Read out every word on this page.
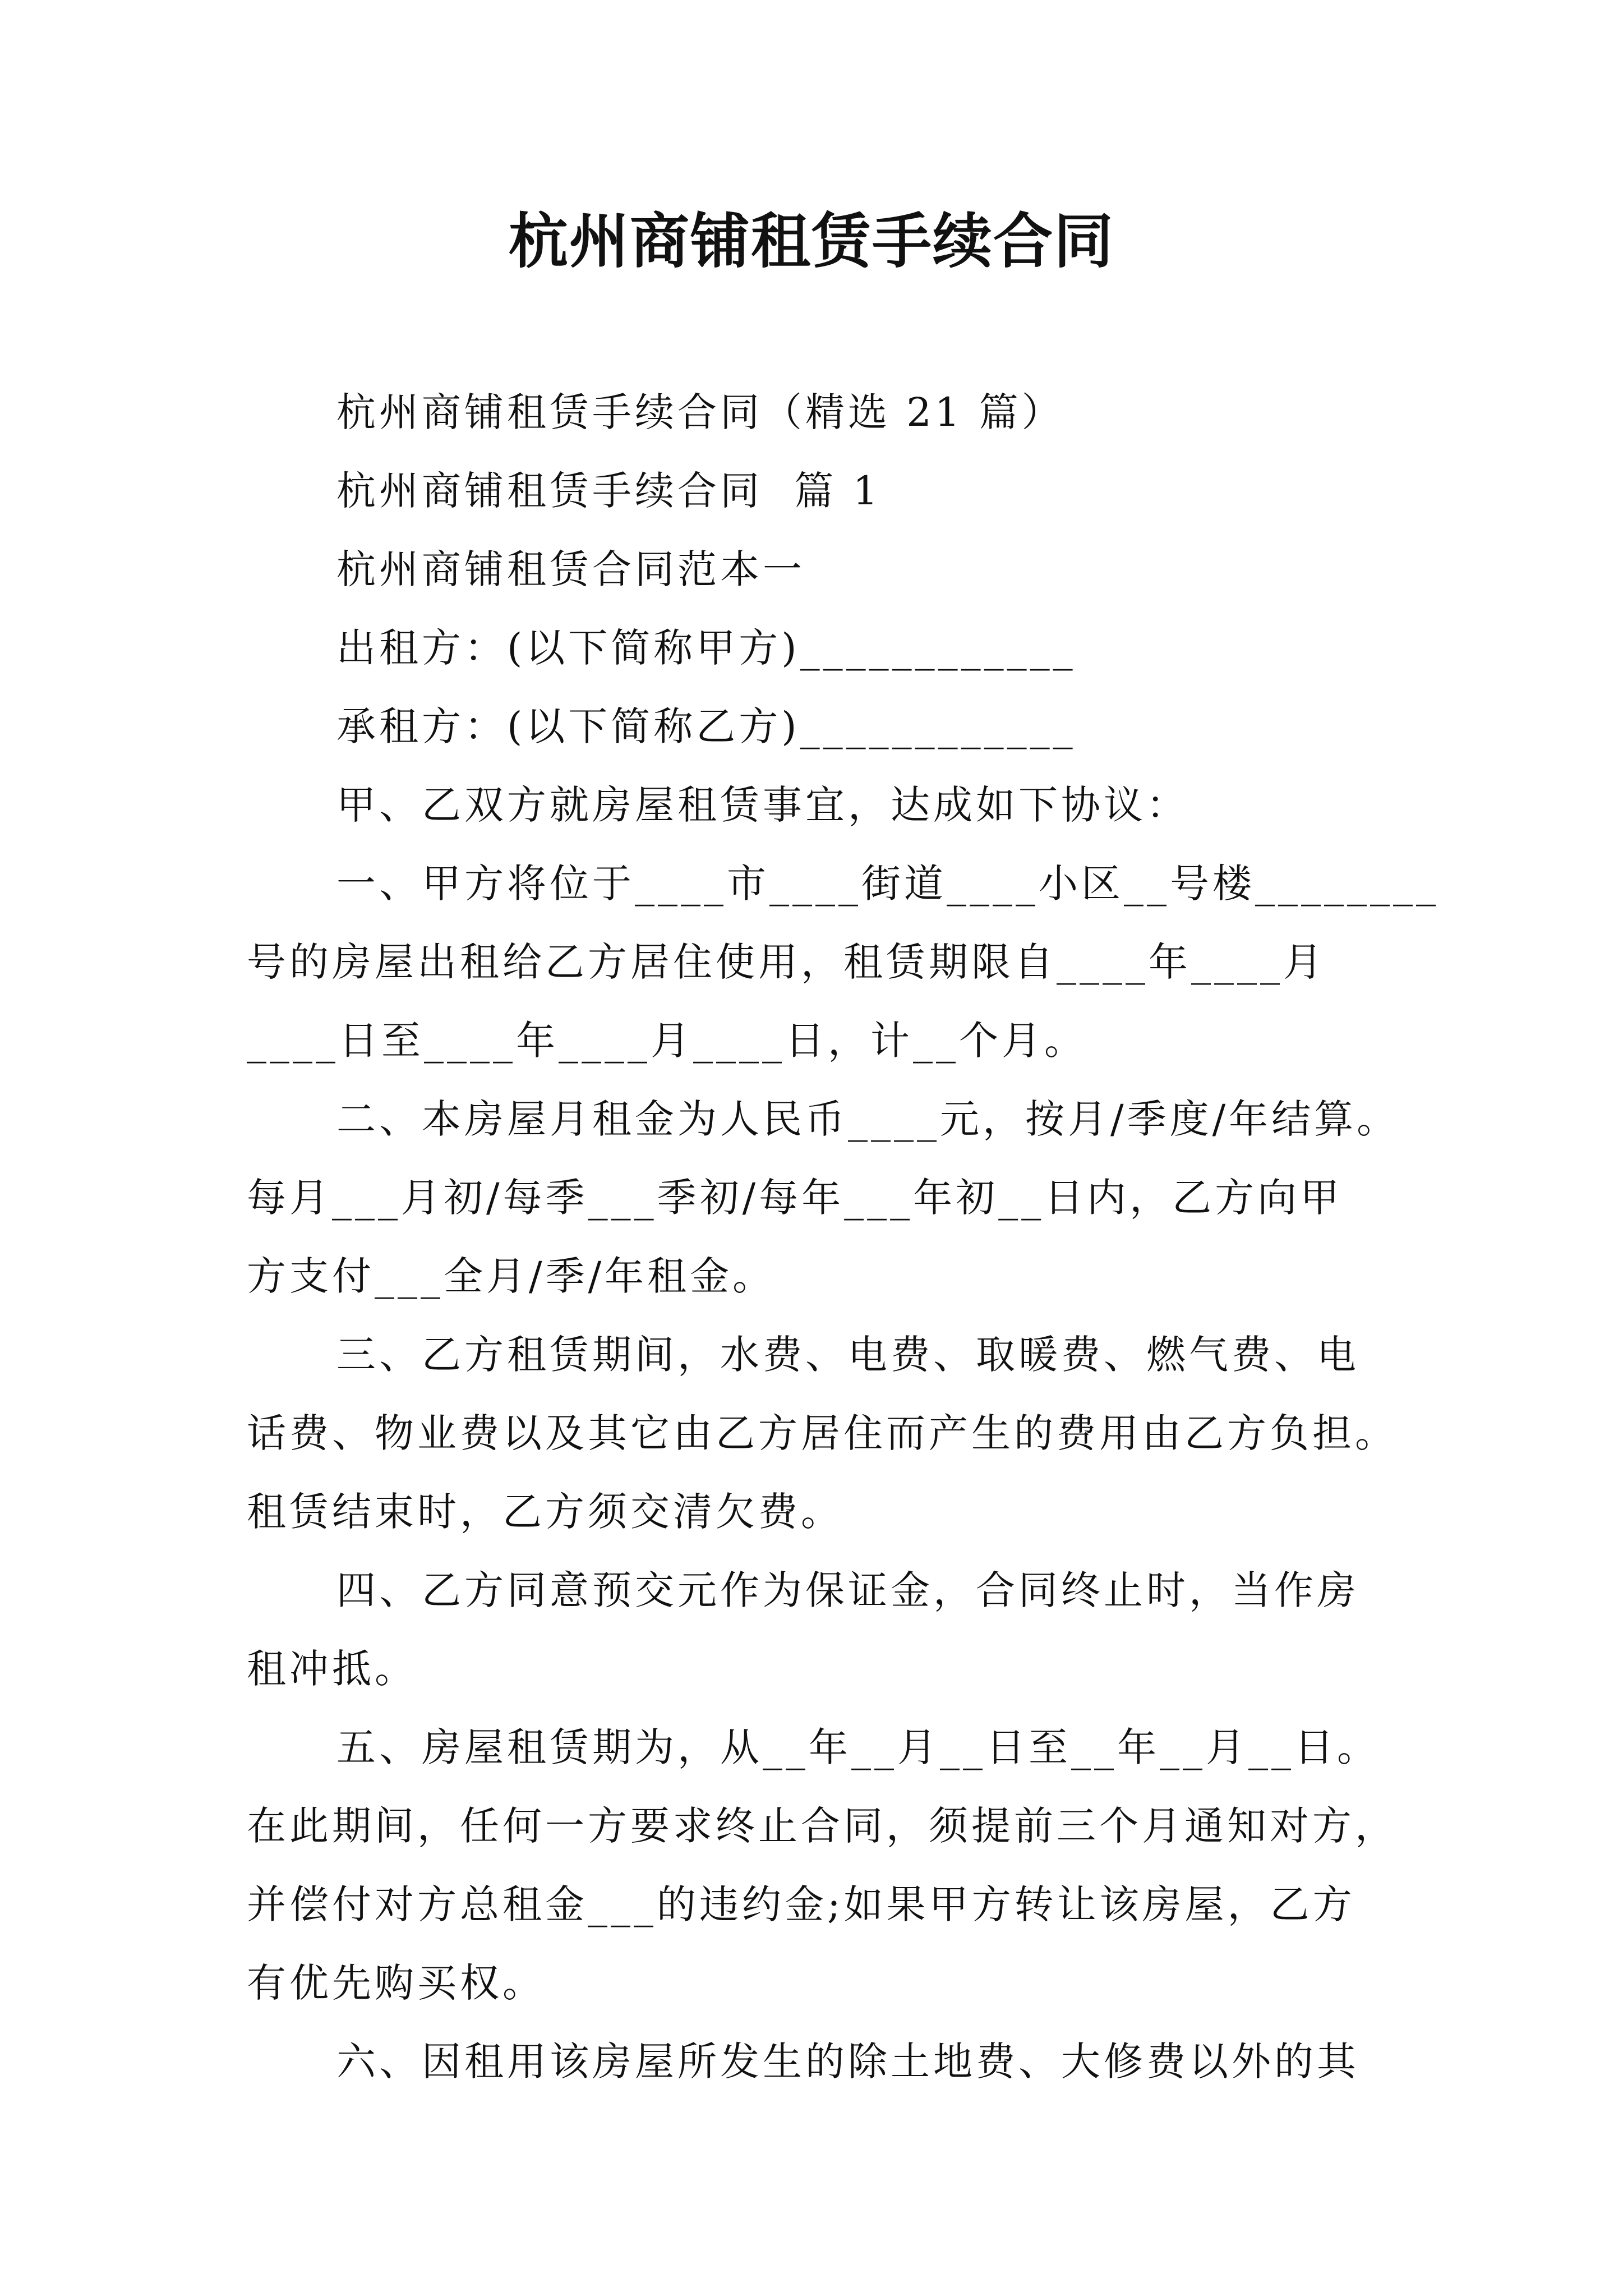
杭州商铺租赁手续合同
杭州商铺租赁手续合同（精选 21 篇）
杭州商铺租赁手续合同  篇 1
杭州商铺租赁合同范本一
出租方：(以下简称甲方)____________
承租方：(以下简称乙方)____________
甲、乙双方就房屋租赁事宜，达成如下协议：
一、甲方将位于____市____街道____小区__号楼________
号的房屋出租给乙方居住使用，租赁期限自____年____月
____日至____年____月____日，计__个月。
二、本房屋月租金为人民币____元，按月/季度/年结算。
每月___月初/每季___季初/每年___年初__日内，乙方向甲
方支付___全月/季/年租金。
三、乙方租赁期间，水费、电费、取暖费、燃气费、电
话费、物业费以及其它由乙方居住而产生的费用由乙方负担。
租赁结束时，乙方须交清欠费。
四、乙方同意预交元作为保证金，合同终止时，当作房
租冲抵。
五、房屋租赁期为，从__年__月__日至__年__月__日。
在此期间，任何一方要求终止合同，须提前三个月通知对方，
并偿付对方总租金___的违约金;如果甲方转让该房屋，乙方
有优先购买权。
六、因租用该房屋所发生的除土地费、大修费以外的其
